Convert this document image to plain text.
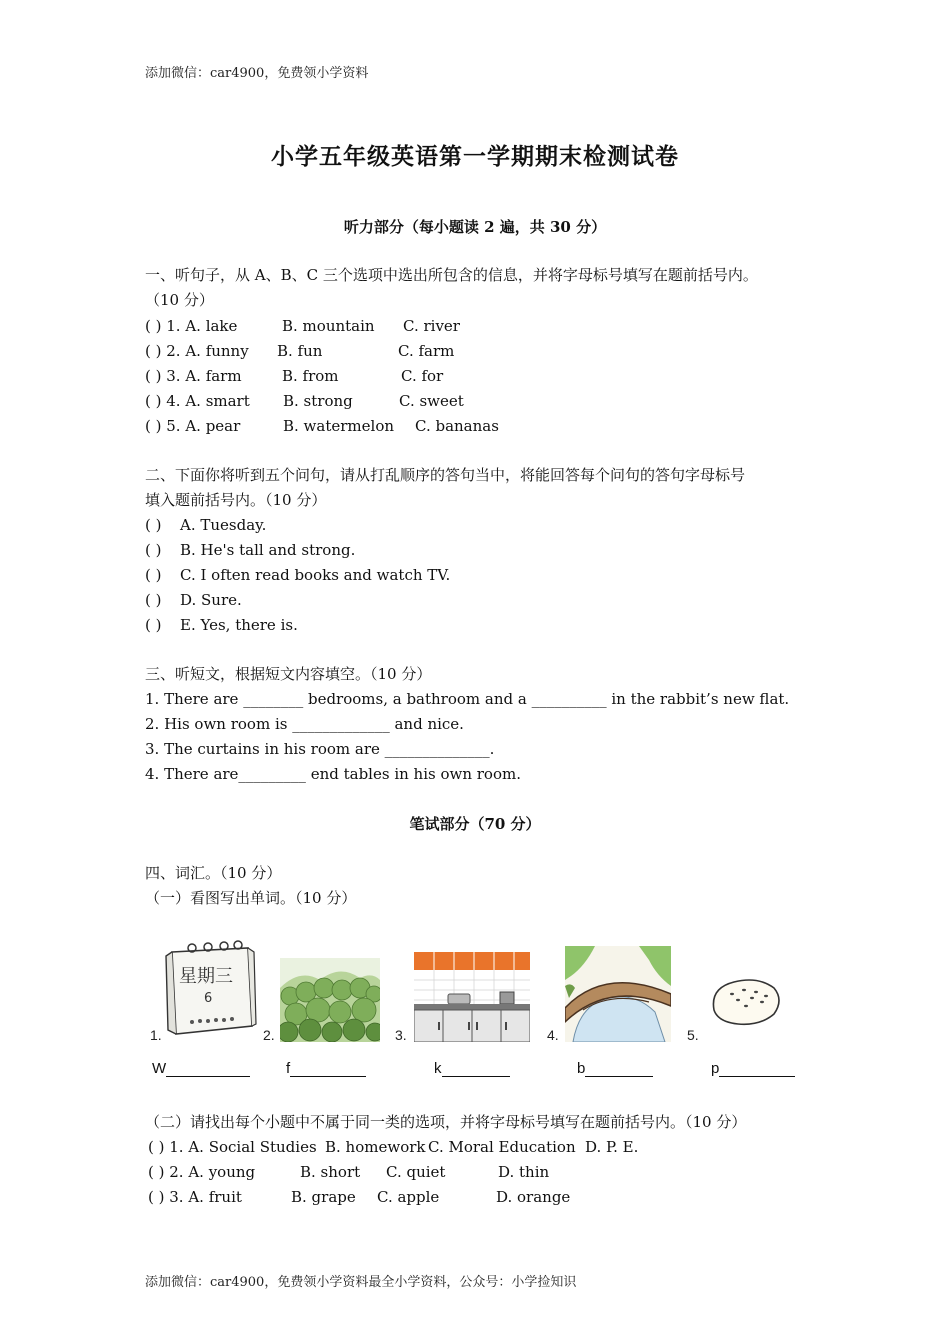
添加微信：car4900，免费领小学资料
小学五年级英语第一学期期末检测试卷
听力部分（每小题读 2 遍，共 30 分）
一、听句子，从 A、B、C 三个选项中选出所包含的信息，并将字母标号填写在题前括号内。
（10 分）
( ) 1. A. lake	B. mountain C. river
( ) 2. A. funny B. fun	C. farm
( ) 3. A. farm	B. from	C. for
( ) 4. A. smart B. strong	C. sweet
( ) 5. A. pear	B. watermelon C. bananas
二、下面你将听到五个问句，请从打乱顺序的答句当中，将能回答每个问句的答句字母标号
填入题前括号内。（10 分）
( ) A. Tuesday.
( ) B. He's tall and strong.
( ) C. I often read books and watch TV.
( ) D. Sure.
( ) E. Yes, there is.
三、听短文，根据短文内容填空。（10 分）
1. There are ________ bedrooms, a bathroom and a __________ in the rabbit’s new flat.
2. His own room is _____________ and nice.
3. The curtains in his room are ______________.
4. There are_________ end tables in his own room.
笔试部分（70 分）
四、词汇。（10 分）
（一）看图写出单词。（10 分）
星期三
6
1.	2.	3.	4.	5.
W	f	k	b	p
（二）请找出每个小题中不属于同一类的选项，并将字母标号填写在题前括号内。（10 分）
( ) 1. A. Social Studies B. homework C. Moral Education D. P. E.
( ) 2. A. young	B. short C. quiet	D. thin
( ) 3. A. fruit	B. grape C. apple	D. orange
添加微信：car4900，免费领小学资料最全小学资料，公众号：小学捡知识
